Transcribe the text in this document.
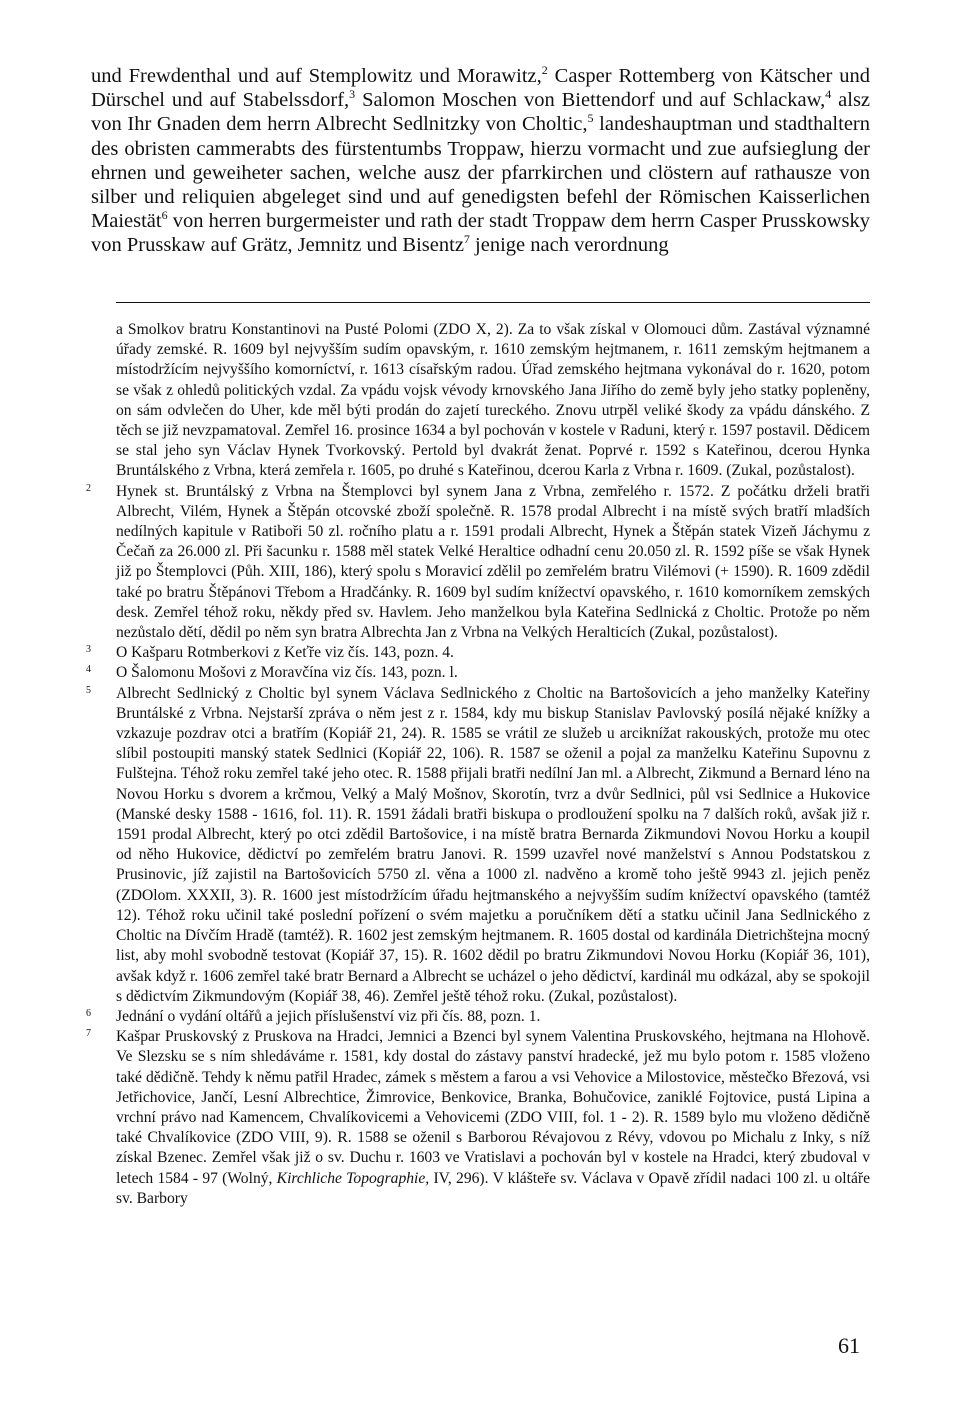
und Frewdenthal und auf Stemplowitz und Morawitz,$^2$ Casper Rottemberg von Kätscher und Dürschel und auf Stabelssdorf,$^3$ Salomon Moschen von Biettendorf und auf Schlackaw,$^4$ alsz von Ihr Gnaden dem herrn Albrecht Sedlnitzky von Choltic,$^5$ landeshauptman und stadthaltern des obristen cammerabts des fürstentumbs Troppaw, hierzu vormacht und zue aufsieglung der ehrnen und geweiheter sachen, welche ausz der pfarrkirchen und clöstern auf rathausze von silber und reliquien abgeleget sind und auf genedigsten befehl der Römischen Kaisserlichen Maiestät$^6$ von herren burgermeister und rath der stadt Troppaw dem herrn Casper Prusskowsky von Prusskaw auf Grätz, Jemnitz und Bisentz$^7$ jenige nach verordnung
a Smolkov bratru Konstantinovi na Pusté Polomi (ZDO X, 2). Za to však získal v Olomouci dům. Zastával významné úřady zemské. R. 1609 byl nejvyšším sudím opavským, r. 1610 zemským hejtmanem, r. 1611 zemským hejtmanem a místodržícím nejvyššího komorníctví, r. 1613 císařským radou. Úřad zemského hejtmana vykonával do r. 1620, potom se však z ohledů politických vzdal. Za vpádu vojsk vévody krnovského Jana Jiřího do země byly jeho statky popleněny, on sám odvlečen do Uher, kde měl býti prodán do zajetí tureckého. Znovu utrpěl veliké škody za vpádu dánského. Z těch se již nevzpamatoval. Zemřel 16. prosince 1634 a byl pochován v kostele v Raduni, který r. 1597 postavil. Dědicem se stal jeho syn Václav Hynek Tvorkovský. Pertold byl dvakrát ženat. Poprvé r. 1592 s Kateřinou, dcerou Hynka Bruntálského z Vrbna, která zemřela r. 1605, po druhé s Kateřinou, dcerou Karla z Vrbna r. 1609. (Zukal, pozůstalost).
2	Hynek st. Bruntálský z Vrbna na Štemplovci byl synem Jana z Vrbna, zemřelého r. 1572. Z počátku drželi bratři Albrecht, Vilém, Hynek a Štěpán otcovské zboží společně. R. 1578 prodal Albrecht i na místě svých bratří mladších nedílných kapitule v Ratiboři 50 zl. ročního platu a r. 1591 prodali Albrecht, Hynek a Štěpán statek Vizeň Jáchymu z Čečaň za 26.000 zl. Při šacunku r. 1588 měl statek Velké Heraltice odhadní cenu 20.050 zl. R. 1592 píše se však Hynek již po Štemplovci (Půh. XIII, 186), který spolu s Moravicí zdělil po zemřelém bratru Vilémovi (+ 1590). R. 1609 zdědil také po bratru Štěpánovi Třebom a Hradčánky. R. 1609 byl sudím knížectví opavského, r. 1610 komorníkem zemských desk. Zemřel téhož roku, někdy před sv. Havlem. Jeho manželkou byla Kateřina Sedlnická z Choltic. Protože po něm nezůstalo dětí, dědil po něm syn bratra Albrechta Jan z Vrbna na Velkých Heralticích (Zukal, pozůstalost).
3	O Kašparu Rotmberkovi z Keťře viz čís. 143, pozn. 4.
4	O Šalomonu Mošovi z Moravčína viz čís. 143, pozn. l.
5	Albrecht Sedlnický z Choltic byl synem Václava Sedlnického z Choltic na Bartošovicích a jeho manželky Kateřiny Bruntálské z Vrbna. Nejstarší zpráva o něm jest z r. 1584, kdy mu biskup Stanislav Pavlovský posílá nějaké knížky a vzkazuje pozdrav otci a bratřím (Kopiář 21, 24). R. 1585 se vrátil ze služeb u arciknížat rakouských, protože mu otec slíbil postoupiti manský statek Sedlnici (Kopiář 22, 106). R. 1587 se oženil a pojal za manželku Kateřinu Supovnu z Fulštejna. Téhož roku zemřel také jeho otec. R. 1588 přijali bratři nedílní Jan ml. a Albrecht, Zikmund a Bernard léno na Novou Horku s dvorem a krčmou, Velký a Malý Mošnov, Skorotín, tvrz a dvůr Sedlnici, půl vsi Sedlnice a Hukovice (Manské desky 1588 - 1616, fol. 11). R. 1591 žádali bratři biskupa o prodloužení spolku na 7 dalších roků, avšak již r. 1591 prodal Albrecht, který po otci zdědil Bartošovice, i na místě bratra Bernarda Zikmundovi Novou Horku a koupil od něho Hukovice, dědictví po zemřelém bratru Janovi. R. 1599 uzavřel nové manželství s Annou Podstatskou z Prusinovic, jíž zajistil na Bartošovicích 5750 zl. věna a 1000 zl. nadvěno a kromě toho ještě 9943 zl. jejich peněz (ZDOlom. XXXII, 3). R. 1600 jest místodržícím úřadu hejtmanského a nejvyšším sudím knížectví opavského (tamtéž 12). Téhož roku učinil také poslední pořízení o svém majetku a poručníkem dětí a statku učinil Jana Sedlnického z Choltic na Dívčím Hradě (tamtéž). R. 1602 jest zemským hejtmanem. R. 1605 dostal od kardinála Dietrichštejna mocný list, aby mohl svobodně testovat (Kopiář 37, 15). R. 1602 dědil po bratru Zikmundovi Novou Horku (Kopiář 36, 101), avšak když r. 1606 zemřel také bratr Bernard a Albrecht se ucházel o jeho dědictví, kardinál mu odkázal, aby se spokojil s dědictvím Zikmundovým (Kopiář 38, 46). Zemřel ještě téhož roku. (Zukal, pozůstalost).
6	Jednání o vydání oltářů a jejich příslušenství viz při čís. 88, pozn. 1.
7	Kašpar Pruskovský z Pruskova na Hradci, Jemnici a Bzenci byl synem Valentina Pruskovského, hejtmana na Hlohově. Ve Slezsku se s ním shledáváme r. 1581, kdy dostal do zástavy panství hradecké, jež mu bylo potom r. 1585 vloženo také dědičně. Tehdy k němu patřil Hradec, zámek s městem a farou a vsi Vehovice a Milostovice, městečko Březová, vsi Jetřichovice, Jančí, Lesní Albrechtice, Žimrovice, Benkovice, Branka, Bohučovice, zaniklé Fojtovice, pustá Lipina a vrchní právo nad Kamencem, Chvalíkovicemi a Vehovicemi (ZDO VIII, fol. 1 - 2). R. 1589 bylo mu vloženo dědičně také Chvalíkovice (ZDO VIII, 9). R. 1588 se oženil s Barborou Révajovou z Révy, vdovou po Michalu z Inky, s níž získal Bzenec. Zemřel však již o sv. Duchu r. 1603 ve Vratislavi a pochován byl v kostele na Hradci, který zbudoval v letech 1584 - 97 (Wolný, Kirchliche Topographie, IV, 296). V klášteře sv. Václava v Opavě zřídil nadaci 100 zl. u oltáře sv. Barbory
61
